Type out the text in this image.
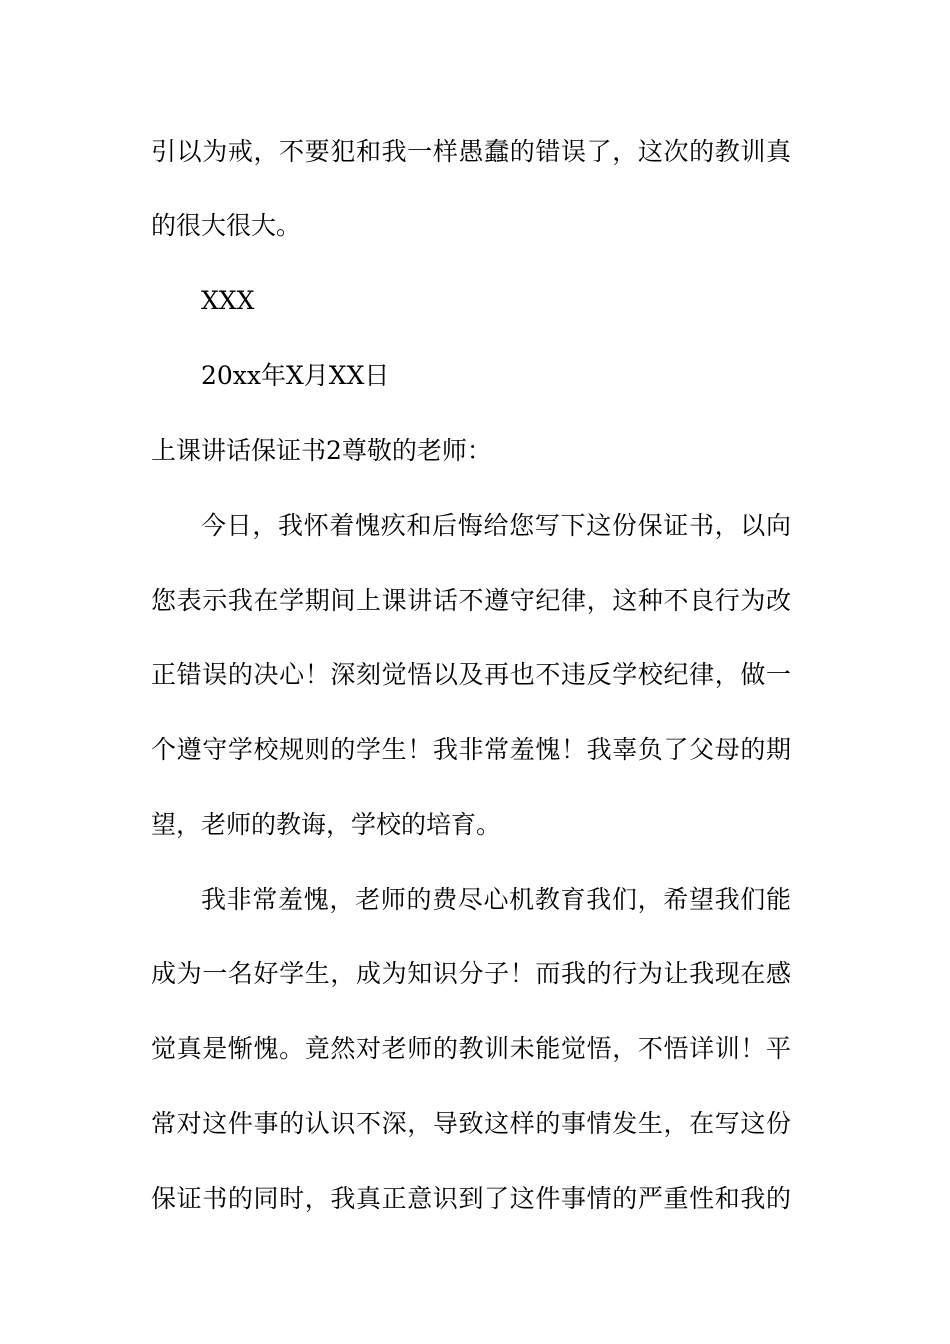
引以为戒，不要犯和我一样愚蠢的错误了，这次的教训真
的很大很大。
XXX
20xx年X月XX日
上课讲话保证书2尊敬的老师：
今日，我怀着愧疚和后悔给您写下这份保证书，以向
您表示我在学期间上课讲话不遵守纪律，这种不良行为改
正错误的决心！深刻觉悟以及再也不违反学校纪律，做一
个遵守学校规则的学生！我非常羞愧！我辜负了父母的期
望，老师的教诲，学校的培育。
我非常羞愧，老师的费尽心机教育我们，希望我们能
成为一名好学生，成为知识分子！而我的行为让我现在感
觉真是惭愧。竟然对老师的教训未能觉悟，不悟详训！平
常对这件事的认识不深，导致这样的事情发生，在写这份
保证书的同时，我真正意识到了这件事情的严重性和我的
